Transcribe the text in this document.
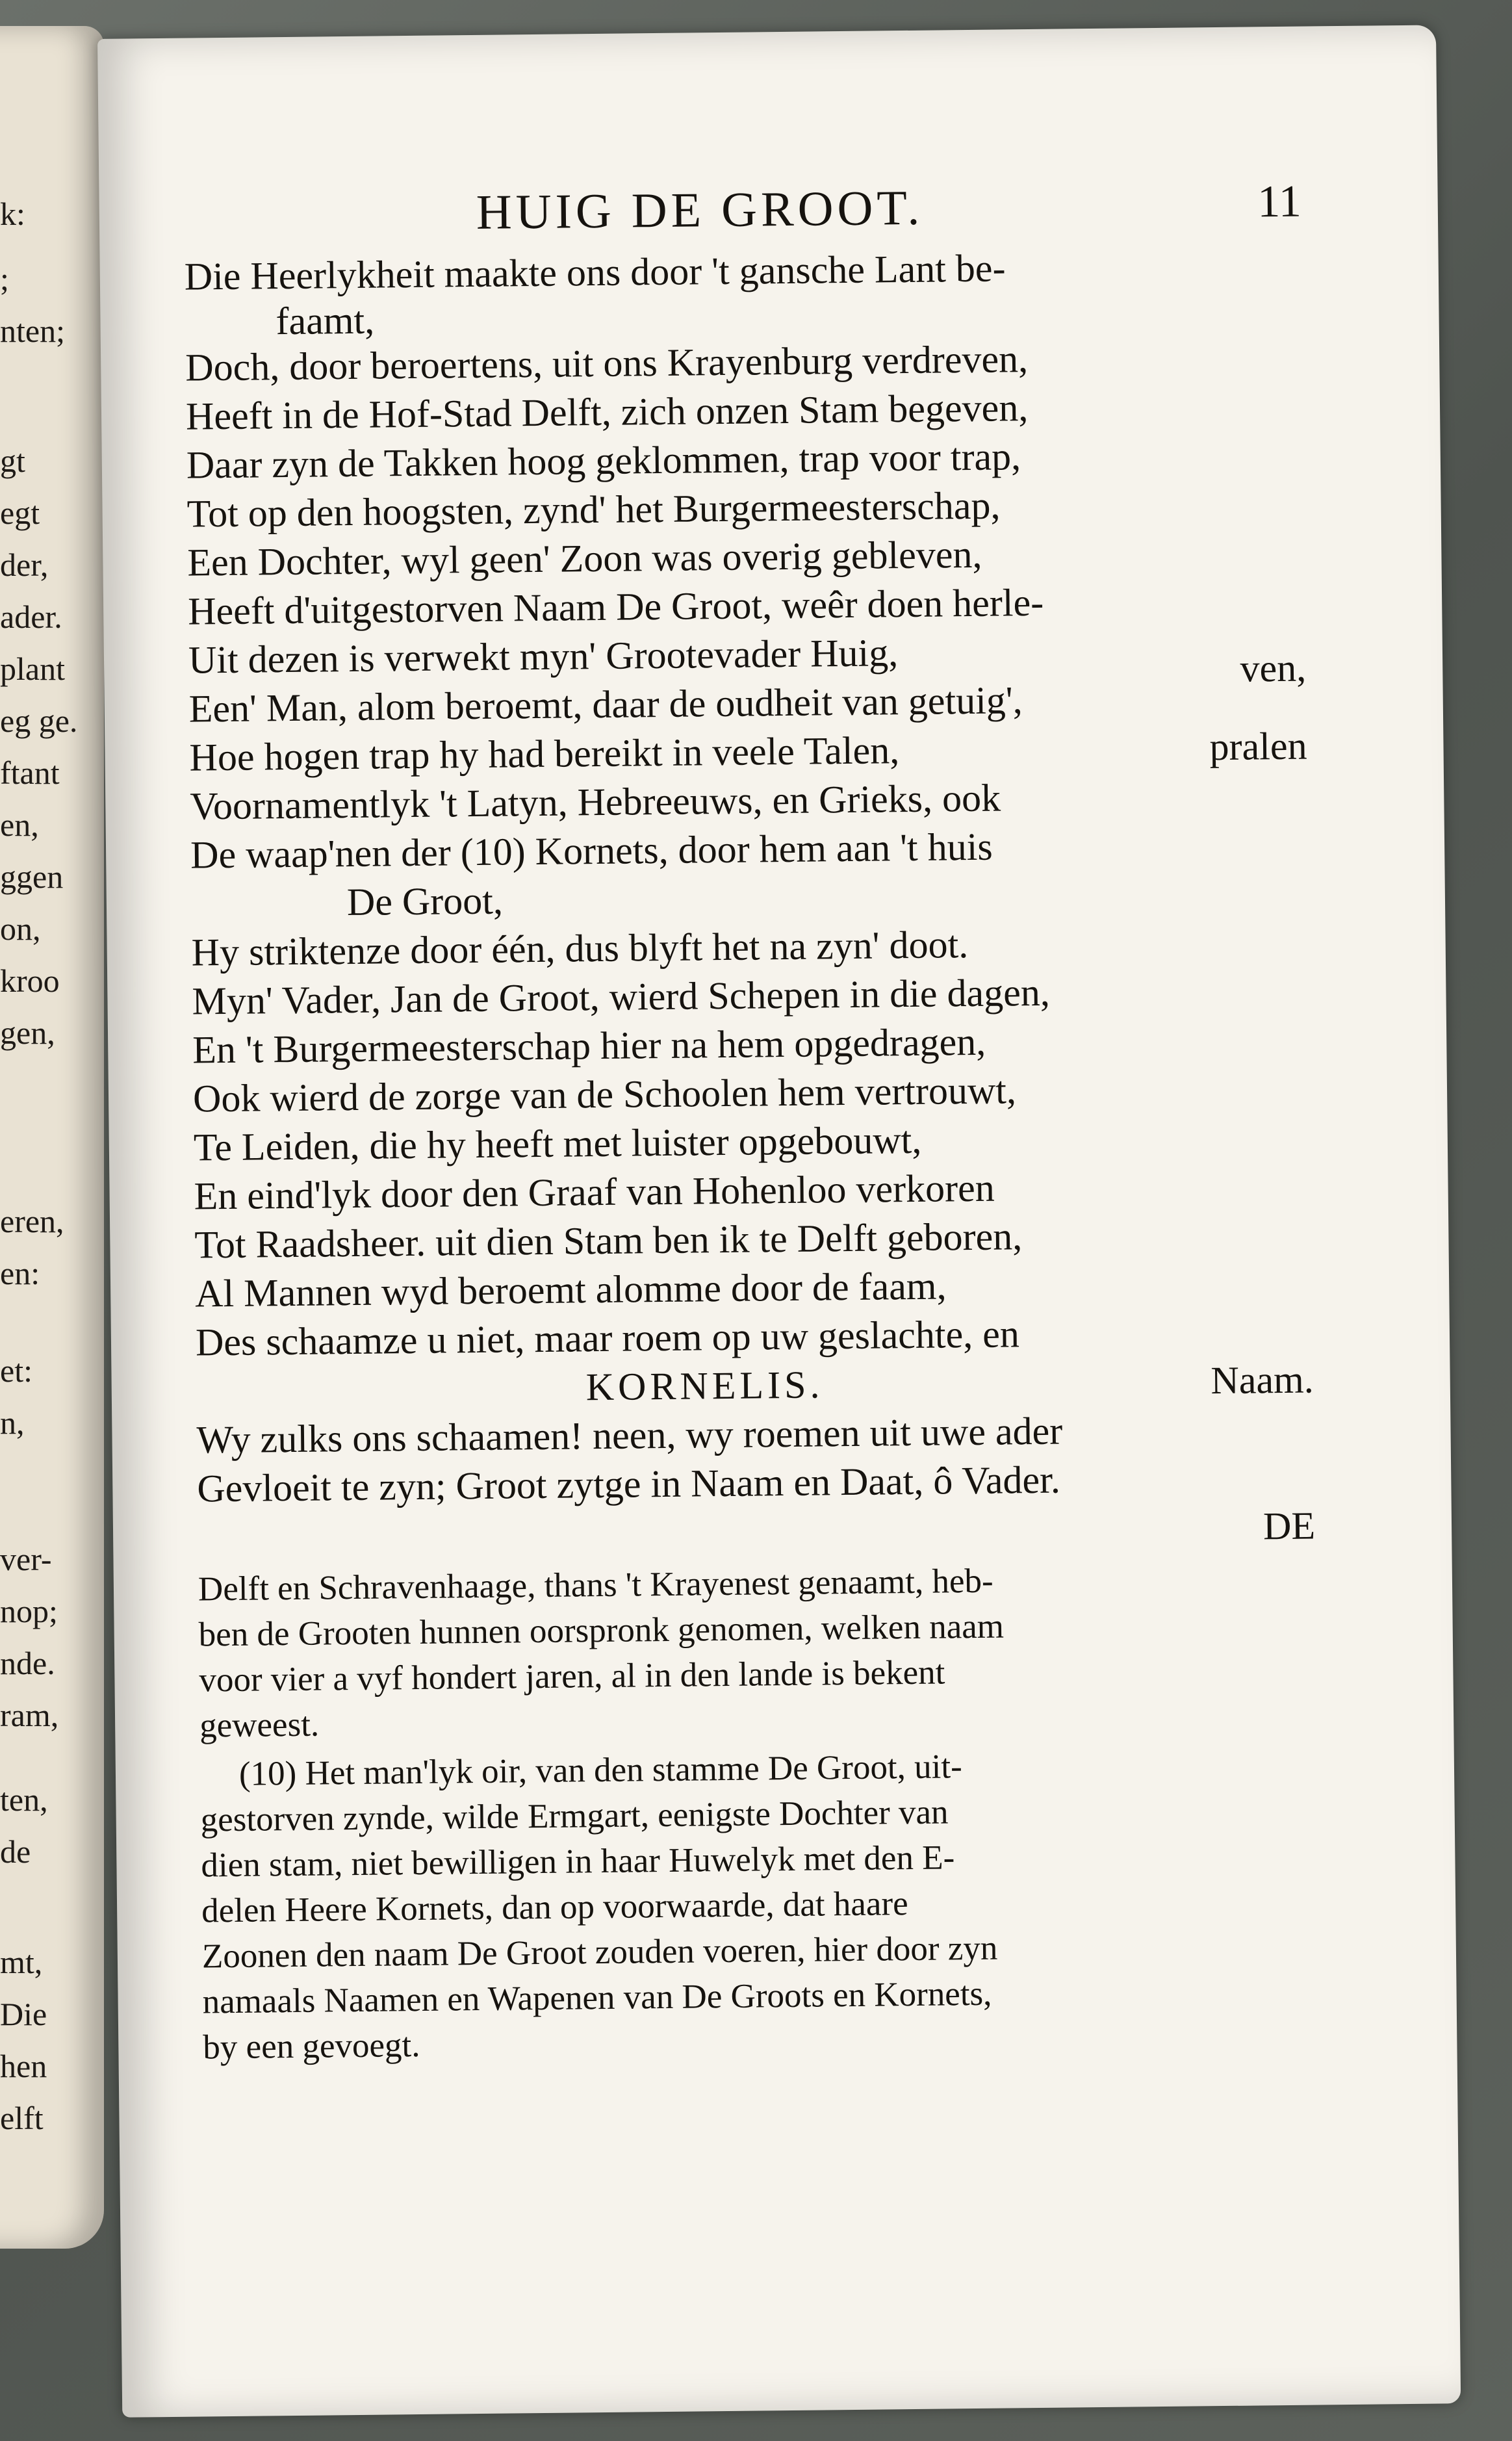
k:
;
nten;
gt
egt
der,
ader.
plant
eg ge.
ftant
en,
ggen
on,
kroo
gen,
eren,
en:
et:
n,
ver-
nop;
nde.
ram,
ten,
de
mt,
Die
hen
elft
HUIG DE GROOT.	11
Die Heerlykheit maakte ons door 't gansche Lant be-
faamt,
Doch, door beroertens, uit ons Krayenburg verdreven,
Heeft in de Hof-Stad Delft, zich onzen Stam begeven,
Daar zyn de Takken hoog geklommen, trap voor trap,
Tot op den hoogsten, zynd' het Burgermeesterschap,
Een Dochter, wyl geen' Zoon was overig gebleven,
Heeft d'uitgestorven Naam De Groot, weêr doen herle-
Uit dezen is verwekt myn' Grootevader Huig,	ven,
Een' Man, alom beroemt, daar de oudheit van getuig',
Hoe hogen trap hy had bereikt in veele Talen,	pralen
Voornamentlyk 't Latyn, Hebreeuws, en Grieks, ook
De waap'nen der (10) Kornets, door hem aan 't huis
De Groot,
Hy striktenze door één, dus blyft het na zyn' doot.
Myn' Vader, Jan de Groot, wierd Schepen in die dagen,
En 't Burgermeesterschap hier na hem opgedragen,
Ook wierd de zorge van de Schoolen hem vertrouwt,
Te Leiden, die hy heeft met luister opgebouwt,
En eind'lyk door den Graaf van Hohenloo verkoren
Tot Raadsheer. uit dien Stam ben ik te Delft geboren,
Al Mannen wyd beroemt alomme door de faam,
Des schaamze u niet, maar roem op uw geslachte, en
KORNELIS.	Naam.
Wy zulks ons schaamen! neen, wy roemen uit uwe ader
Gevloeit te zyn; Groot zytge in Naam en Daat, ô Vader.
DE
Delft en Schravenhaage, thans 't Krayenest genaamt, heb-
ben de Grooten hunnen oorspronk genomen, welken naam
voor vier a vyf hondert jaren, al in den lande is bekent
geweest.
(10) Het man'lyk oir, van den stamme De Groot, uit-
gestorven zynde, wilde Ermgart, eenigste Dochter van
dien stam, niet bewilligen in haar Huwelyk met den E-
delen Heere Kornets, dan op voorwaarde, dat haare
Zoonen den naam De Groot zouden voeren, hier door zyn
namaals Naamen en Wapenen van De Groots en Kornets,
by een gevoegt.
